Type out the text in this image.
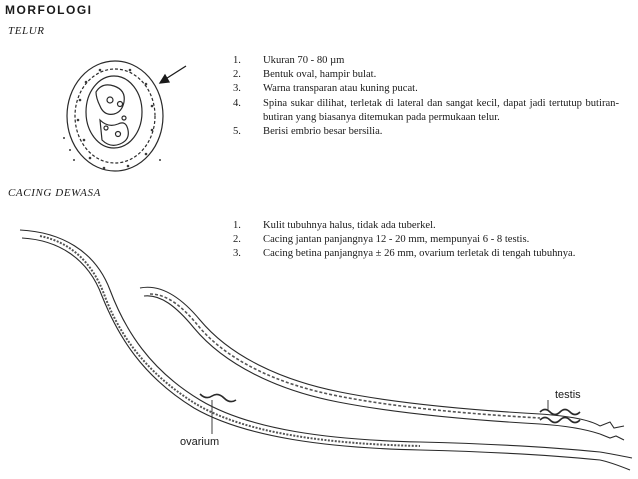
MORFOLOGI
TELUR
CACING DEWASA
1. Ukuran 70 - 80 µm
2. Bentuk oval, hampir bulat.
3. Warna transparan atau kuning pucat.
4. Spina sukar dilihat, terletak di lateral dan sangat kecil, dapat jadi tertutup butiran-butiran yang biasanya ditemukan pada permukaan telur.
5. Berisi embrio besar bersilia.
1. Kulit tubuhnya halus, tidak ada tuberkel.
2. Cacing jantan panjangnya 12 - 20 mm, mempunyai 6 - 8 testis.
3. Cacing betina panjangnya ± 26 mm, ovarium terletak di tengah tubuhnya.
testis
ovarium
